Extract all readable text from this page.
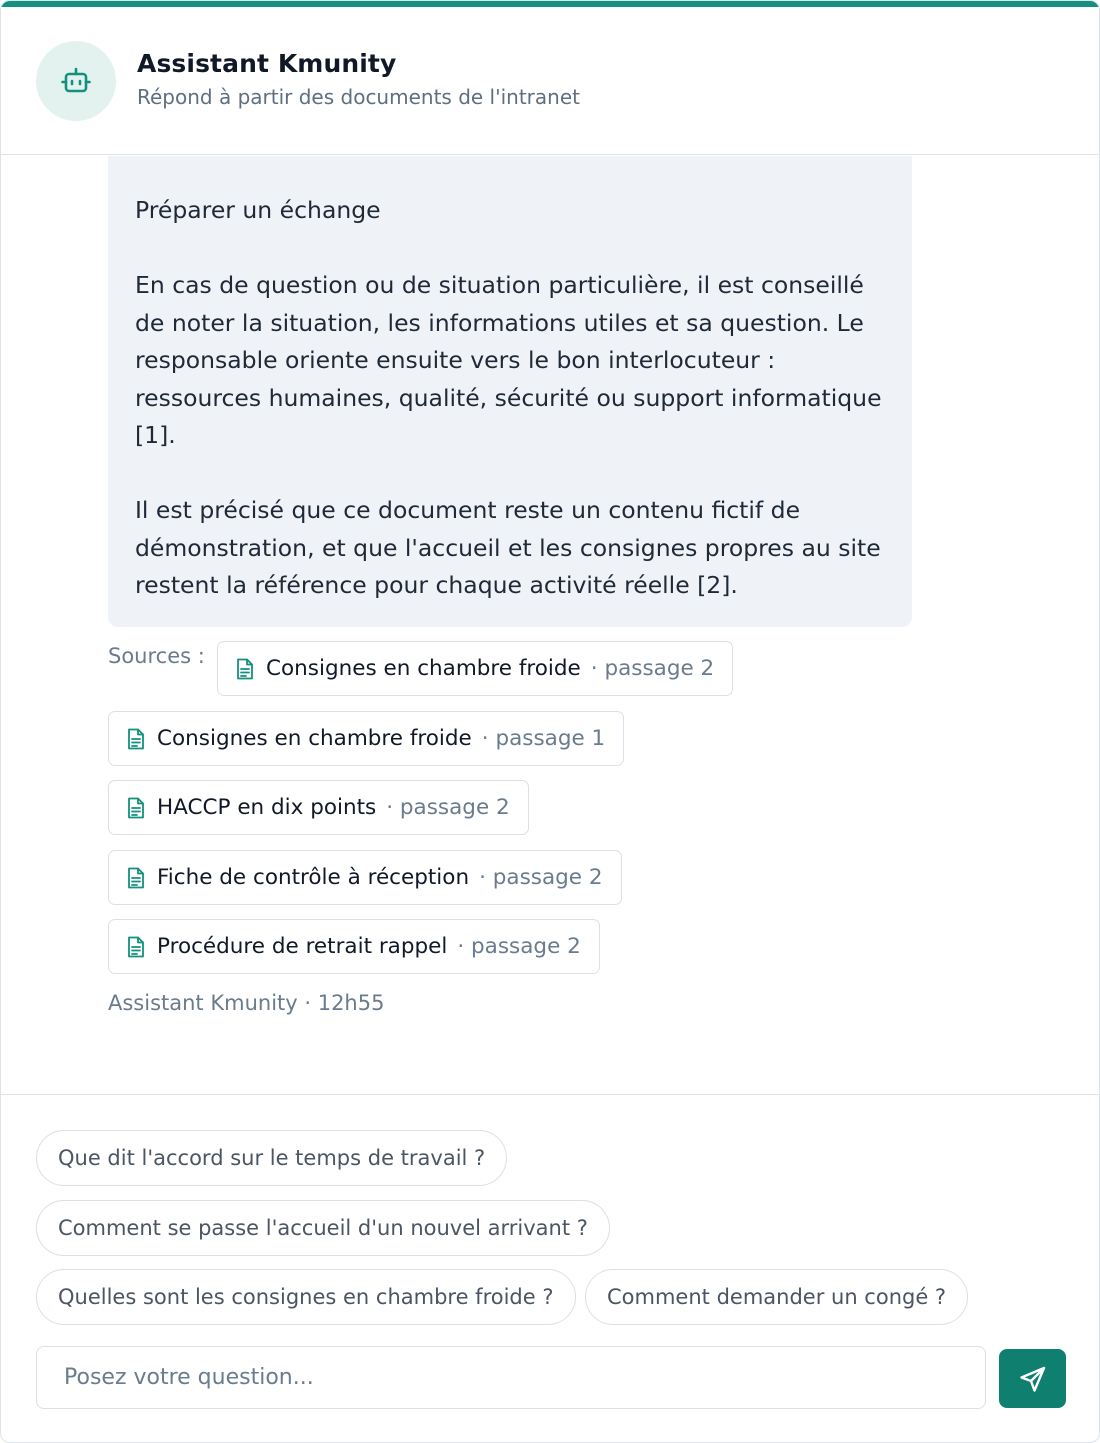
Assistant Kmunity
Répond à partir des documents de l'intranet

Préparer un échange

En cas de question ou de situation particulière, il est conseillé de noter la situation, les informations utiles et sa question. Le responsable oriente ensuite vers le bon interlocuteur : ressources humaines, qualité, sécurité ou support informatique [1].

Il est précisé que ce document reste un contenu fictif de démonstration, et que l'accueil et les consignes propres au site restent la référence pour chaque activité réelle [2].

Sources :	Consignes en chambre froide · passage 2
Consignes en chambre froide · passage 1
HACCP en dix points · passage 2
Fiche de contrôle à réception · passage 2
Procédure de retrait rappel · passage 2
Assistant Kmunity · 12h55
Que dit l'accord sur le temps de travail ?
Comment se passe l'accueil d'un nouvel arrivant ?
Quelles sont les consignes en chambre froide ?	Comment demander un congé ?
Posez votre question...
